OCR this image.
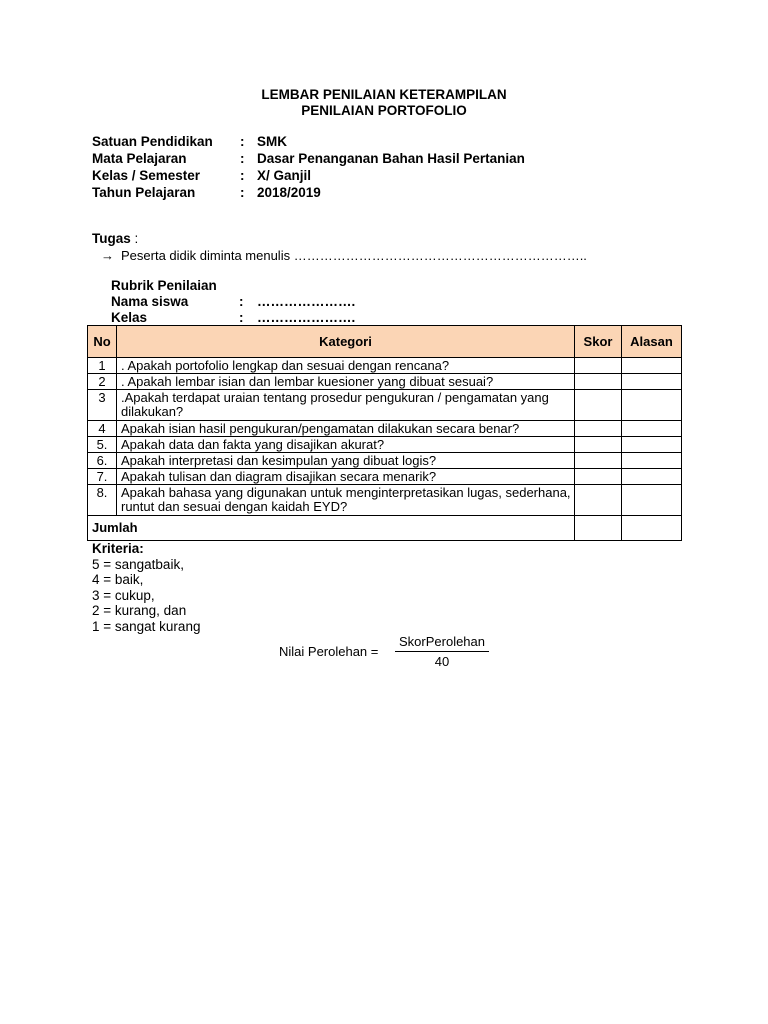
LEMBAR PENILAIAN KETERAMPILAN
PENILAIAN PORTOFOLIO
Satuan Pendidikan : SMK
Mata Pelajaran	: Dasar Penanganan Bahan Hasil Pertanian
Kelas / Semester	: X/ Ganjil
Tahun Pelajaran	: 2018/2019
Tugas :
→ Peserta didik diminta menulis …………………………………………………………..
Rubrik Penilaian
Nama siswa	: ………………….
Kelas	: ………………….
No	Kategori	Skor	Alasan
1	. Apakah portofolio lengkap dan sesuai dengan rencana?		
2	. Apakah lembar isian dan lembar kuesioner yang dibuat sesuai?		
3	.Apakah terdapat uraian tentang prosedur pengukuran / pengamatan yang dilakukan?		
4	Apakah isian hasil pengukuran/pengamatan dilakukan secara benar?		
5.	Apakah data dan fakta yang disajikan akurat?		
6.	Apakah interpretasi dan kesimpulan yang dibuat logis?		
7.	Apakah tulisan dan diagram disajikan secara menarik?		
8.	Apakah bahasa yang digunakan untuk menginterpretasikan lugas, sederhana, runtut dan sesuai dengan kaidah EYD?		
Jumlah			
Kriteria:
5 = sangatbaik,
4 = baik,
3 = cukup,
2 = kurang, dan
1 = sangat kurang
Nilai Perolehan =
SkorPerolehan
40
